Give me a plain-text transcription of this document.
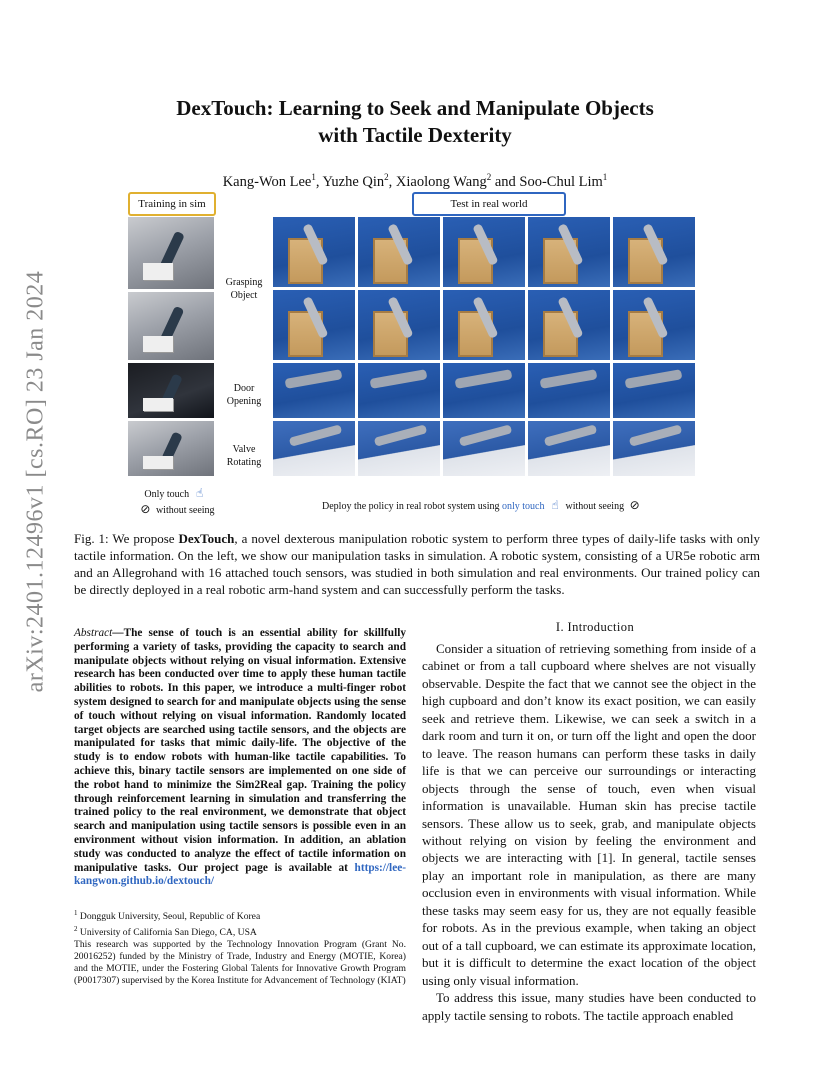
arXiv:2401.12496v1 [cs.RO] 23 Jan 2024
DexTouch: Learning to Seek and Manipulate Objects
with Tactile Dexterity
Kang-Won Lee$^1$, Yuzhe Qin$^2$, Xiaolong Wang$^2$ and Soo-Chul Lim$^1$
Training in sim	Test in real world
Grasping
Object
Door
Opening
Valve
Rotating
Only touch ☝
⊘ without seeing	Deploy the policy in real robot system using only touch ☝ without seeing ⊘
Fig. 1: We propose DexTouch, a novel dexterous manipulation robotic system to perform three types of daily-life tasks with only tactile information. On the left, we show our manipulation tasks in simulation. A robotic system, consisting of a UR5e robotic arm and an Allegrohand with 16 attached touch sensors, was studied in both simulation and real environments. Our trained policy can be directly deployed in a real robotic arm-hand system and can successfully perform the tasks.
Abstract—The sense of touch is an essential ability for skillfully performing a variety of tasks, providing the capacity to search and manipulate objects without relying on visual information. Extensive research has been conducted over time to apply these human tactile abilities to robots. In this paper, we introduce a multi-finger robot system designed to search for and manipulate objects using the sense of touch without relying on visual information. Randomly located target objects are searched using tactile sensors, and the objects are manipulated for tasks that mimic daily-life. The objective of the study is to endow robots with human-like tactile capabilities. To achieve this, binary tactile sensors are implemented on one side of the robot hand to minimize the Sim2Real gap. Training the policy through reinforcement learning in simulation and transferring the trained policy to the real environment, we demonstrate that object search and manipulation using tactile sensors is possible even in an environment without vision information. In addition, an ablation study was conducted to analyze the effect of tactile information on manipulative tasks. Our project page is available at https://lee-kangwon.github.io/dextouch/
$^1$ Dongguk University, Seoul, Republic of Korea
$^2$ University of California San Diego, CA, USA
This research was supported by the Technology Innovation Program (Grant No. 20016252) funded by the Ministry of Trade, Industry and Energy (MOTIE, Korea) and the MOTIE, under the Fostering Global Talents for Innovative Growth Program (P0017307) supervised by the Korea Institute for Advancement of Technology (KIAT)
I. Introduction

Consider a situation of retrieving something from inside of a cabinet or from a tall cupboard where shelves are not visually observable. Despite the fact that we cannot see the object in the high cupboard and don’t know its exact position, we can easily seek and retrieve them. Likewise, we can seek a switch in a dark room and turn it on, or turn off the light and open the door to leave. The reason humans can perform these tasks in daily life is that we can perceive our surroundings or interacting objects through the sense of touch, even when visual information is unavailable. Human skin has precise tactile sensors. These allow us to seek, grab, and manipulate objects without relying on vision by feeling the environment and objects we are interacting with [1]. In general, tactile senses play an important role in manipulation, as there are many occlusion even in environments with visual information. While these tasks may seem easy for us, they are not equally feasible for robots. As in the previous example, when taking an object out of a tall cupboard, we can estimate its approximate location, but it is difficult to determine the exact location of the object using only visual information.

To address this issue, many studies have been conducted to apply tactile sensing to robots. The tactile approach enabled
